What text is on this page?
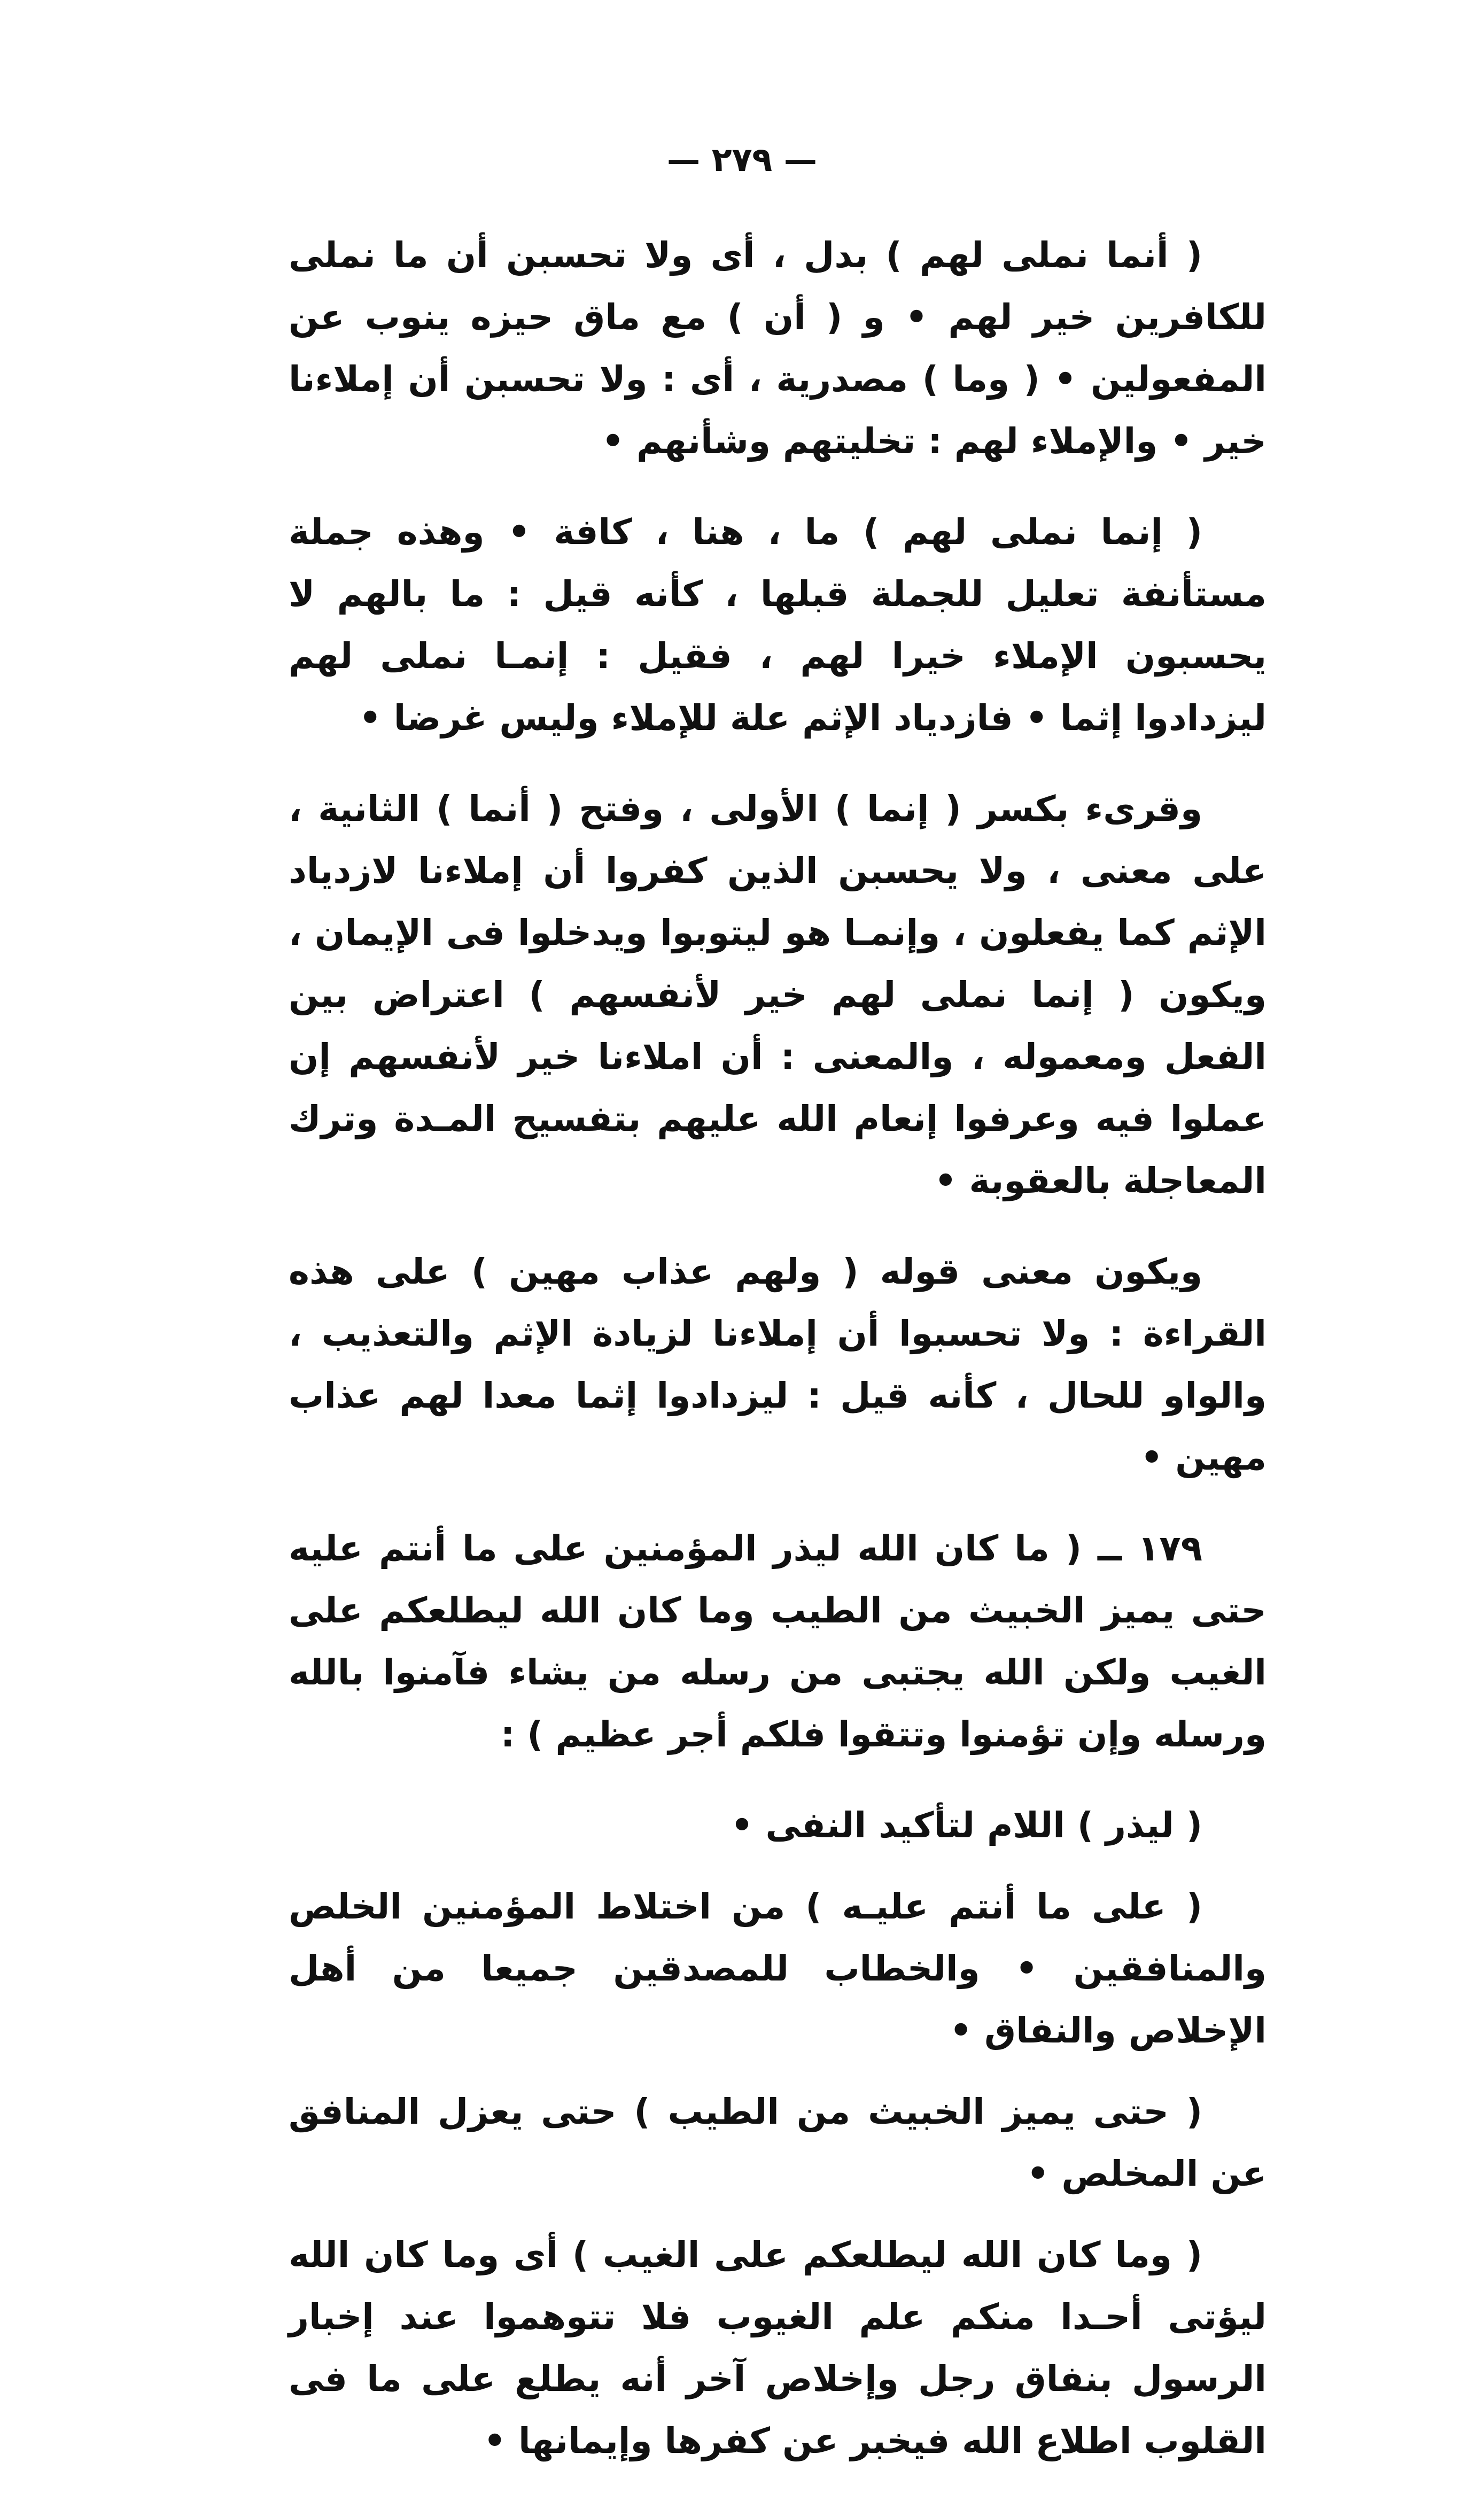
— ٢٧٩ —

( أنما نملى لهم ) بدل ، أى ولا تحسبن أن ما نملى للكافرين خير لهم • و ( أن ) مع ماق حيزه ينوب عن المفعولين • ( وما ) مصدرية ، أى : ولا تحسبن أن إملاءنا خير • والإملاء لهم : تخليتهم وشأنهم •

( إنما نملى لهم ) ما ، هنا ، كافة • وهذه جملة مستأنفة تعليل للجملة قبلها ، كأنه قيل : ما بالهم لا يحسبون الإملاء خيرا لهم ، فقيل : إنمـا نملى لهم ليزدادوا إثما • فازدياد الإثم علة للإملاء وليس غرضا •

وقرىء بكسر ( إنما ) الأولى ، وفتح ( أنما ) الثانية ، على معنى ، ولا يحسبن الذين كفروا أن إملاءنا لازدياد الإثم كما يفعلون ، وإنمـا هو ليتوبوا ويدخلوا فى الإيمان ، ويكون ( إنما نملى لهم خير لأنفسهم ) اعتراض بين الفعل ومعموله ، والمعنى : أن املاءنا خير لأنفسهم إن عملوا فيه وعرفوا إنعام الله عليهم بتفسيح المـدة وترك المعاجلة بالعقوبة •

ويكون معنى قوله ( ولهم عذاب مهين ) على هذه القراءة : ولا تحسبوا أن إملاءنا لزيادة الإثم والتعذيب ، والواو للحال ، كأنه قيل : ليزدادوا إثما معدا لهم عذاب مهين •

١٧٩ ــ ( ما كان الله ليذر المؤمنين على ما أنتم عليه حتى يميز الخبيث من الطيب وما كان الله ليطلعكم على الغيب ولكن الله يجتبى من رسله من يشاء فآمنوا بالله ورسله وإن تؤمنوا وتتقوا فلكم أجر عظيم ) :

( ليذر ) اللام لتأكيد النفى •

( على ما أنتم عليـه ) من اختلاط المؤمنين الخلص والمنافقين • والخطاب للمصدقين جميعا من أهل الإخلاص والنفاق •

( حتى يميز الخبيث من الطيب ) حتى يعزل المنافق عن المخلص •

( وما كان الله ليطلعكم على الغيب ) أى وما كان الله ليؤتى أحـدا منكم علم الغيوب فلا تتوهموا عند إخبار الرسول بنفاق رجل وإخلاص آخر أنه يطلع على ما فى القلوب اطلاع الله فيخبر عن كفرها وإيمانها •
